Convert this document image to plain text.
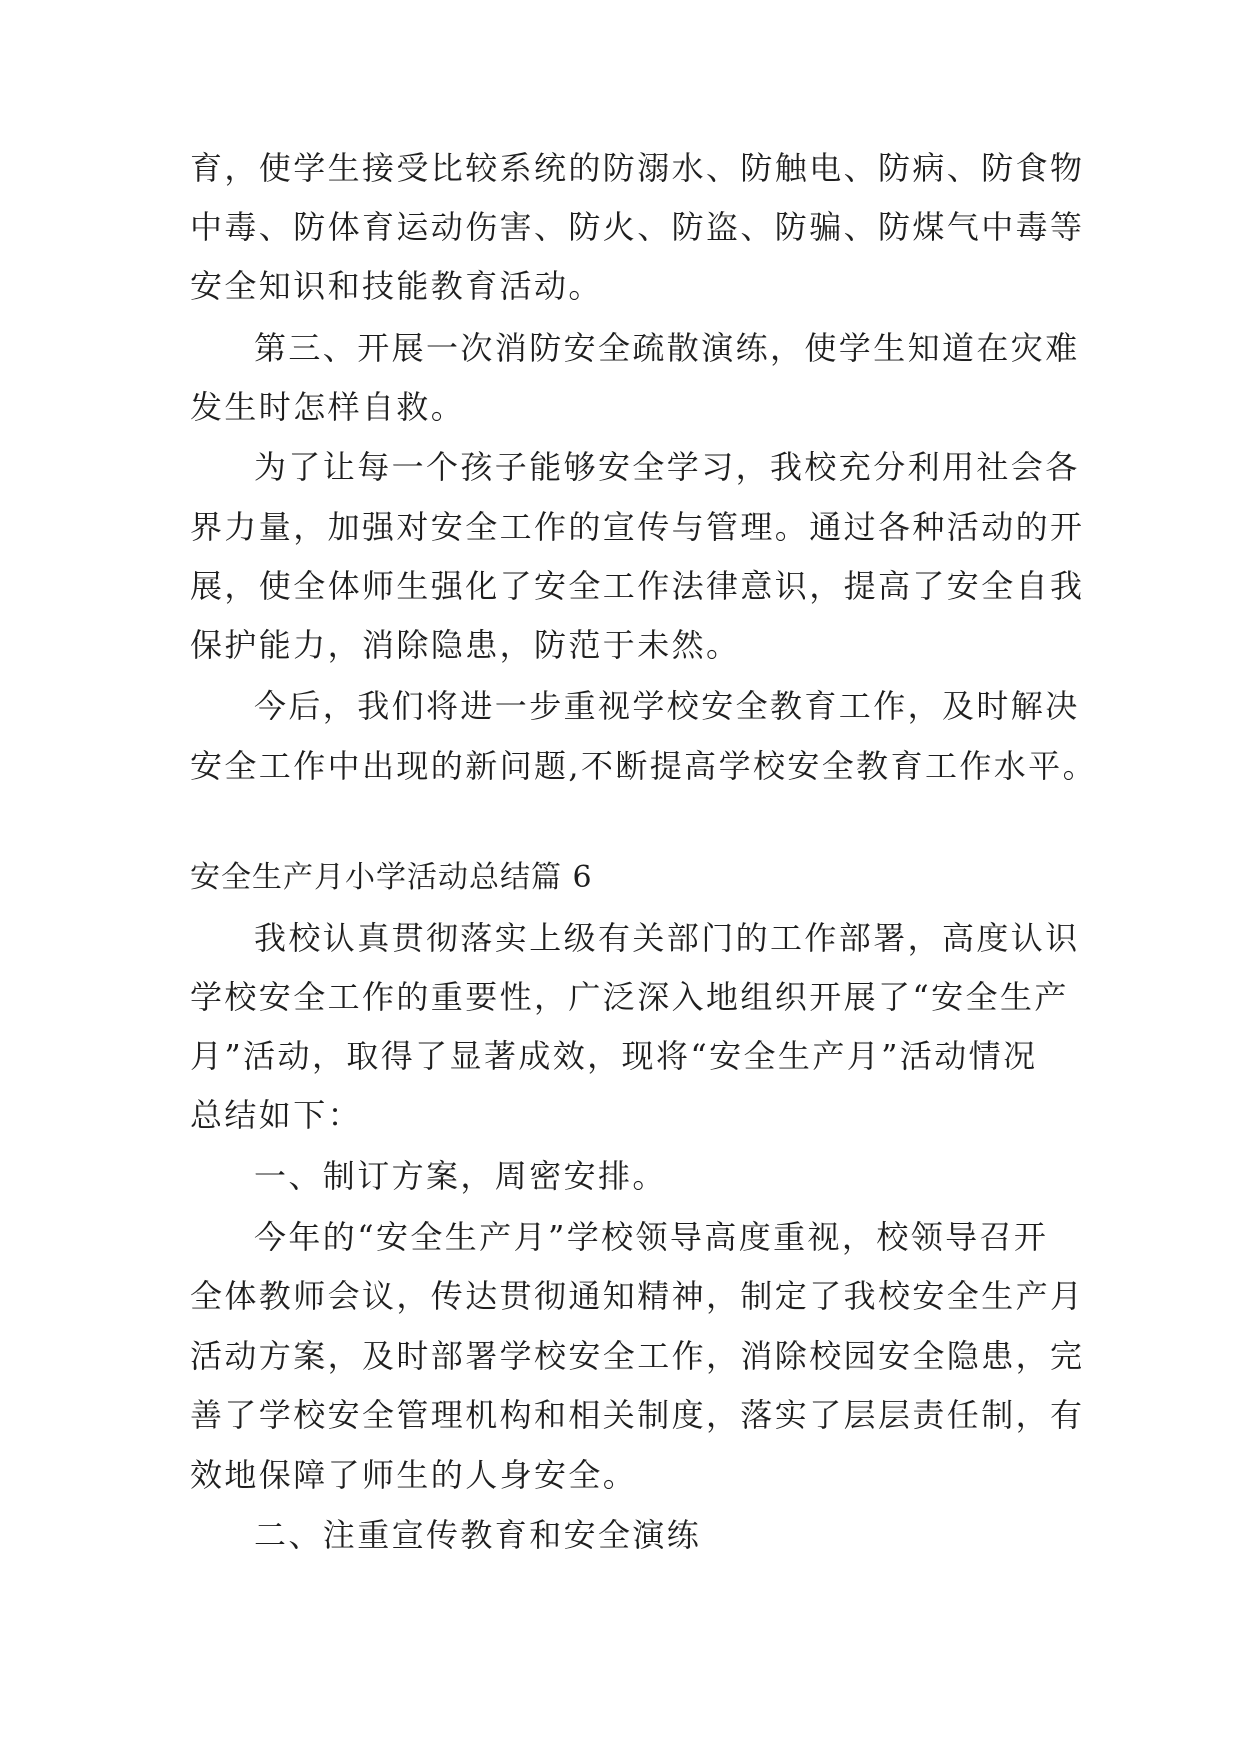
育，使学生接受比较系统的防溺水、防触电、防病、防食物
中毒、防体育运动伤害、防火、防盗、防骗、防煤气中毒等
安全知识和技能教育活动。
第三、开展一次消防安全疏散演练，使学生知道在灾难
发生时怎样自救。
为了让每一个孩子能够安全学习，我校充分利用社会各
界力量，加强对安全工作的宣传与管理。通过各种活动的开
展，使全体师生强化了安全工作法律意识，提高了安全自我
保护能力，消除隐患，防范于未然。
今后，我们将进一步重视学校安全教育工作，及时解决
安全工作中出现的新问题,不断提高学校安全教育工作水平。
安全生产月小学活动总结篇 6
我校认真贯彻落实上级有关部门的工作部署，高度认识
学校安全工作的重要性，广泛深入地组织开展了“安全生产
月”活动，取得了显著成效，现将“安全生产月”活动情况
总结如下：
一、制订方案，周密安排。
今年的“安全生产月”学校领导高度重视，校领导召开
全体教师会议，传达贯彻通知精神，制定了我校安全生产月
活动方案，及时部署学校安全工作，消除校园安全隐患，完
善了学校安全管理机构和相关制度，落实了层层责任制，有
效地保障了师生的人身安全。
二、注重宣传教育和安全演练
